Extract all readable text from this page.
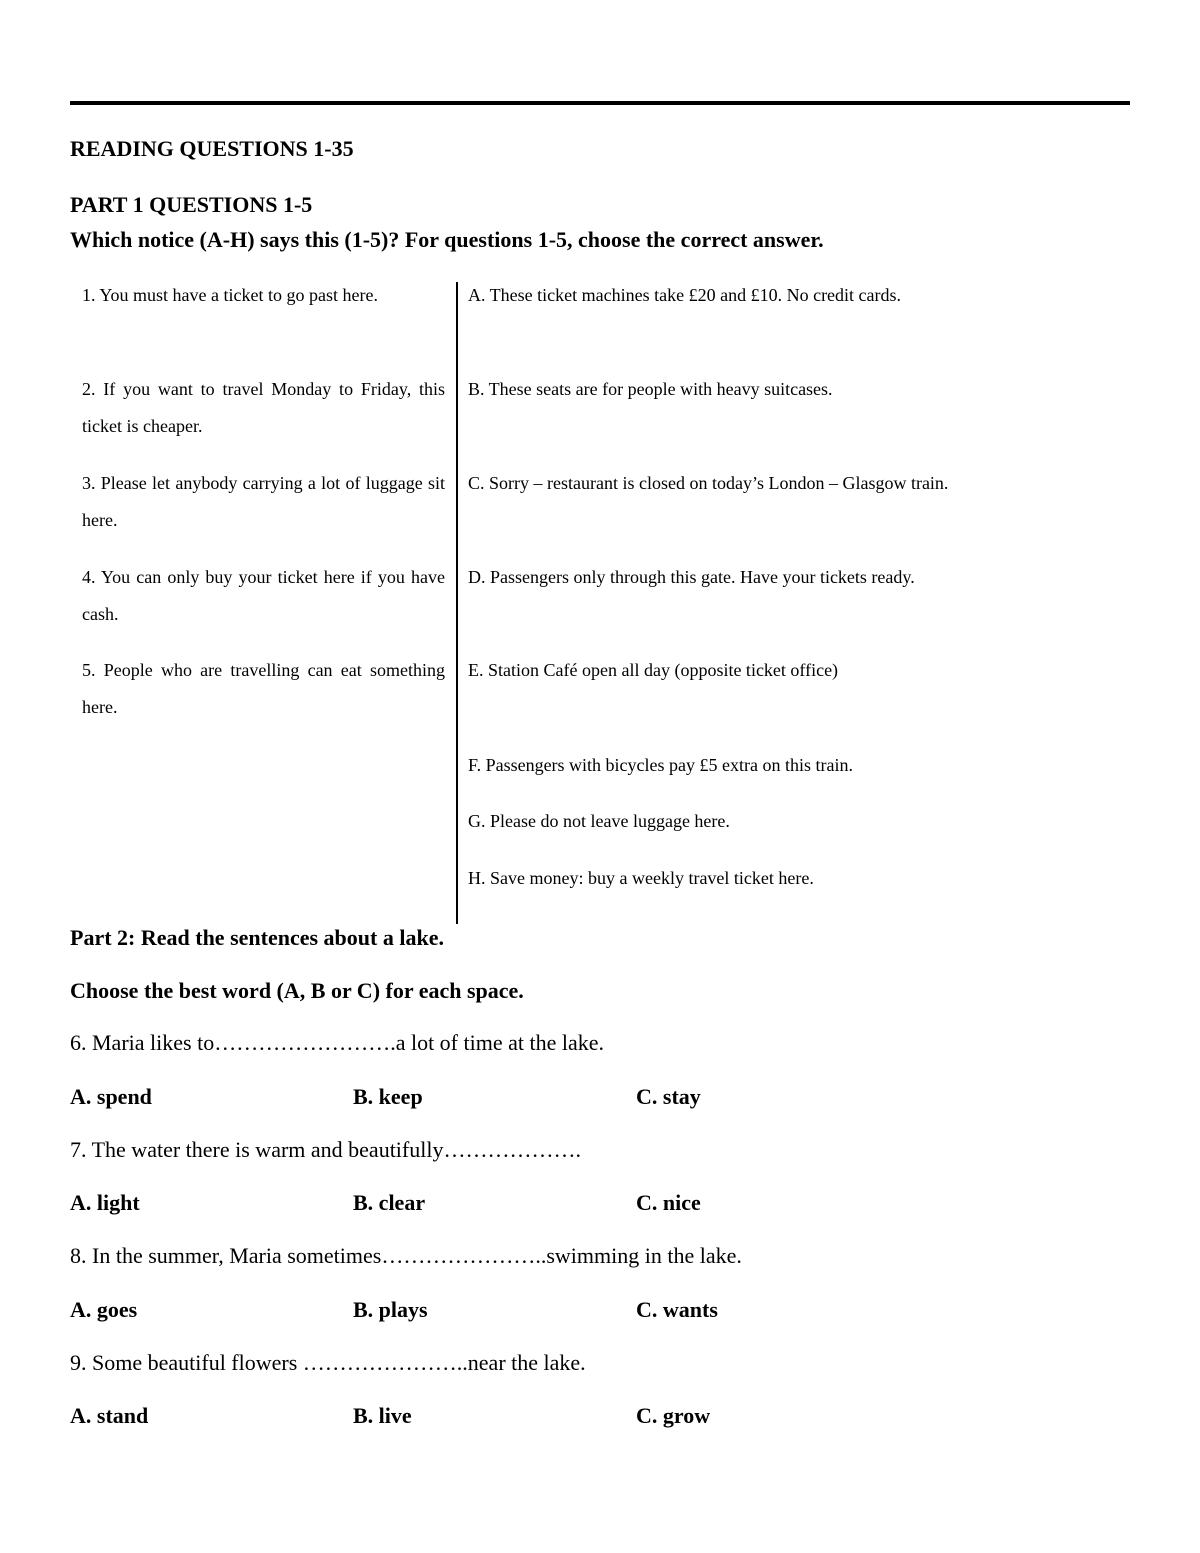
READING QUESTIONS 1-35
PART 1 QUESTIONS 1-5
Which notice (A-H) says this (1-5)? For questions 1-5, choose the correct answer.
1. You must have a ticket to go past here.
2. If you want to travel Monday to Friday, this ticket is cheaper.
3. Please let anybody carrying a lot of luggage sit here.
4. You can only buy your ticket here if you have cash.
5. People who are travelling can eat something here.
A. These ticket machines take £20 and £10. No credit cards.
B. These seats are for people with heavy suitcases.
C. Sorry – restaurant is closed on today’s London – Glasgow train.
D. Passengers only through this gate. Have your tickets ready.
E. Station Café open all day (opposite ticket office)
F. Passengers with bicycles pay £5 extra on this train.
G. Please do not leave luggage here.
H. Save money: buy a weekly travel ticket here.
Part 2: Read the sentences about a lake.
Choose the best word (A, B or C) for each space.
6. Maria likes to…………………….a lot of time at the lake.
A. spend	B. keep	C. stay
7. The water there is warm and beautifully……………….
A. light	B. clear	C. nice
8. In the summer, Maria sometimes…………………..swimming in the lake.
A. goes	B. plays	C. wants
9. Some beautiful flowers …………………..near the lake.
A. stand	B. live	C. grow
